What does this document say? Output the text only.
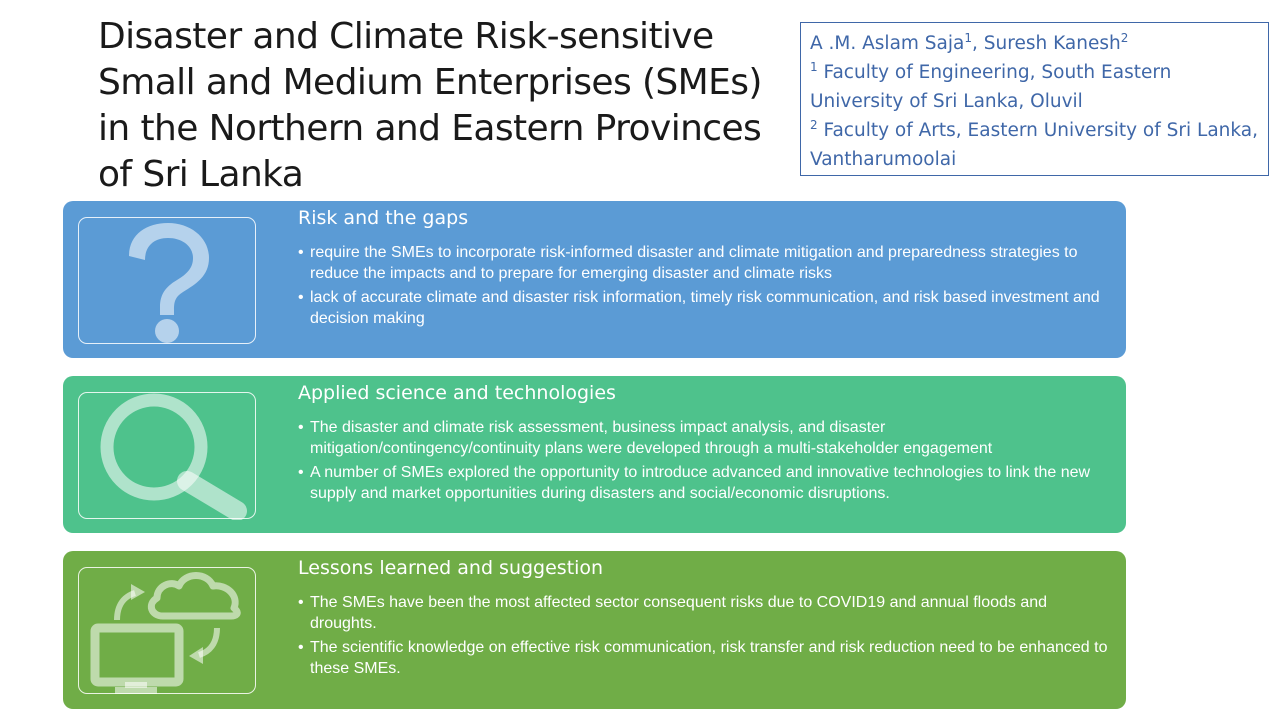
Disaster and Climate Risk-sensitive
Small and Medium Enterprises (SMEs)
in the Northern and Eastern Provinces
of Sri Lanka

A .M. Aslam Saja$^1$, Suresh Kanesh$^2$

$^1$ Faculty of Engineering, South Eastern University of Sri Lanka, Oluvil

$^2$ Faculty of Arts, Eastern University of Sri Lanka, Vantharumoolai

Risk and the gaps
• require the SMEs to incorporate risk-informed disaster and climate mitigation and preparedness strategies to reduce the impacts and to prepare for emerging disaster and climate risks
• lack of accurate climate and disaster risk information, timely risk communication, and risk based investment and decision making
Applied science and technologies
• The disaster and climate risk assessment, business impact analysis, and disaster mitigation/contingency/continuity plans were developed through a multi-stakeholder engagement
• A number of SMEs explored the opportunity to introduce advanced and innovative technologies to link the new supply and market opportunities during disasters and social/economic disruptions.
Lessons learned and suggestion
• The SMEs have been the most affected sector consequent risks due to COVID19 and annual floods and droughts.
• The scientific knowledge on effective risk communication, risk transfer and risk reduction need to be enhanced to these SMEs.
